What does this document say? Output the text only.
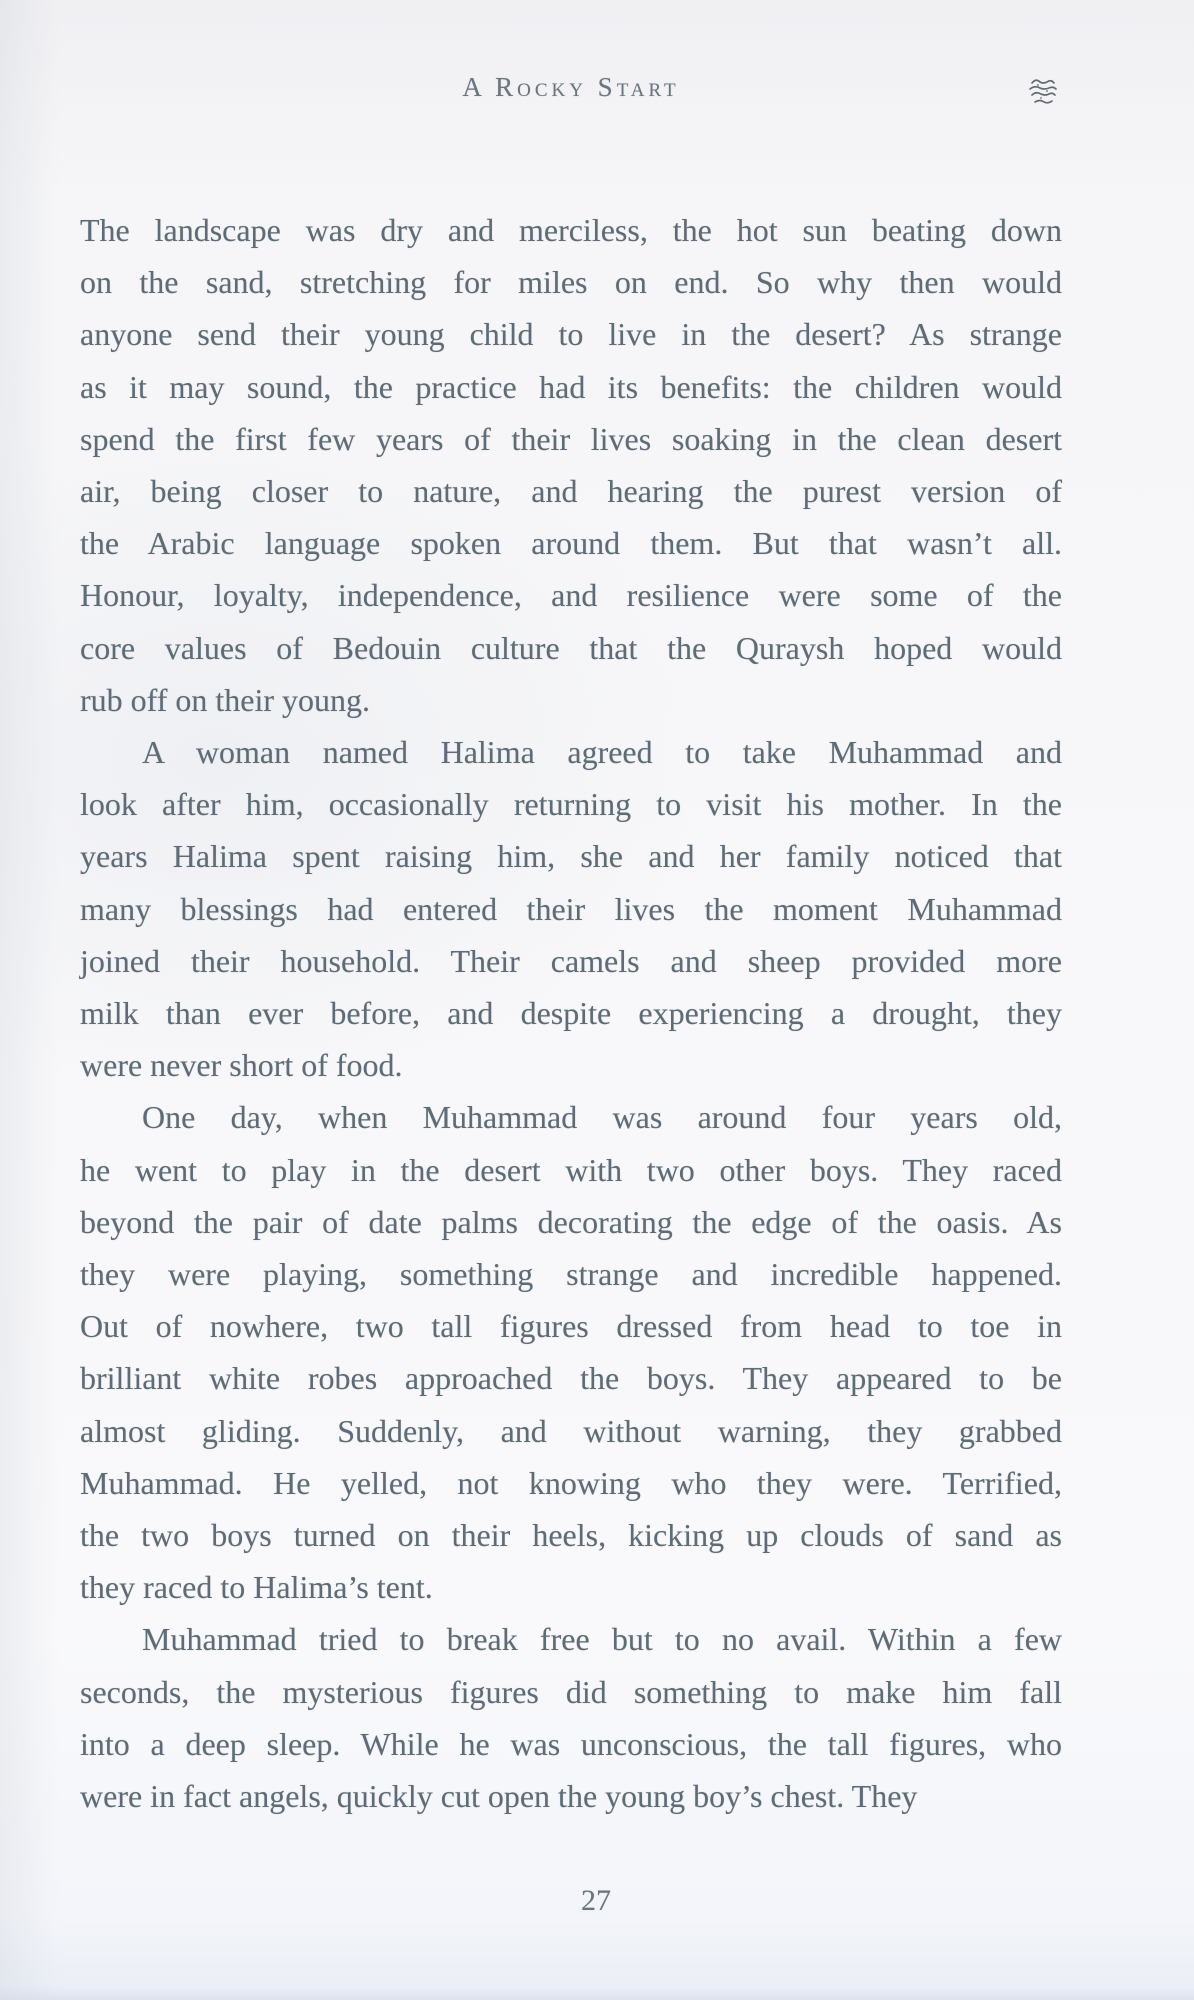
A Rocky Start
The landscape was dry and merciless, the hot sun beating down
on the sand, stretching for miles on end. So why then would
anyone send their young child to live in the desert? As strange
as it may sound, the practice had its benefits: the children would
spend the first few years of their lives soaking in the clean desert
air, being closer to nature, and hearing the purest version of
the Arabic language spoken around them. But that wasn’t all.
Honour, loyalty, independence, and resilience were some of the
core values of Bedouin culture that the Quraysh hoped would
rub off on their young.
A woman named Halima agreed to take Muhammad and
look after him, occasionally returning to visit his mother. In the
years Halima spent raising him, she and her family noticed that
many blessings had entered their lives the moment Muhammad
joined their household. Their camels and sheep provided more
milk than ever before, and despite experiencing a drought, they
were never short of food.
One day, when Muhammad was around four years old,
he went to play in the desert with two other boys. They raced
beyond the pair of date palms decorating the edge of the oasis. As
they were playing, something strange and incredible happened.
Out of nowhere, two tall figures dressed from head to toe in
brilliant white robes approached the boys. They appeared to be
almost gliding. Suddenly, and without warning, they grabbed
Muhammad. He yelled, not knowing who they were. Terrified,
the two boys turned on their heels, kicking up clouds of sand as
they raced to Halima’s tent.
Muhammad tried to break free but to no avail. Within a few
seconds, the mysterious figures did something to make him fall
into a deep sleep. While he was unconscious, the tall figures, who
were in fact angels, quickly cut open the young boy’s chest. They
27
